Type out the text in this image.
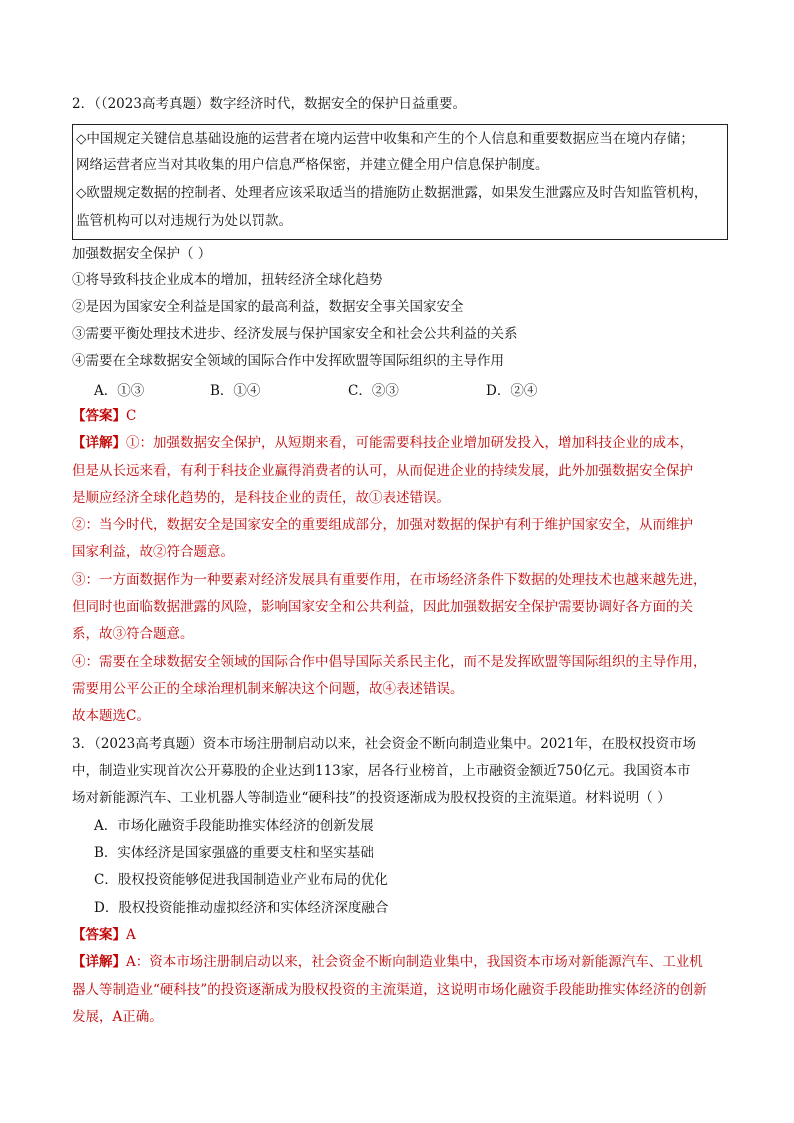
2．（（2023高考真题）数字经济时代，数据安全的保护日益重要。
◇中国规定关键信息基础设施的运营者在境内运营中收集和产生的个人信息和重要数据应当在境内存储；
网络运营者应当对其收集的用户信息严格保密，并建立健全用户信息保护制度。
◇欧盟规定数据的控制者、处理者应该采取适当的措施防止数据泄露，如果发生泄露应及时告知监管机构，
监管机构可以对违规行为处以罚款。
加强数据安全保护（ ）
①将导致科技企业成本的增加，扭转经济全球化趋势
②是因为国家安全利益是国家的最高利益，数据安全事关国家安全
③需要平衡处理技术进步、经济发展与保护国家安全和社会公共利益的关系
④需要在全球数据安全领域的国际合作中发挥欧盟等国际组织的主导作用
A．①③	B．①④	C．②③	D．②④
【答案】C
【详解】①：加强数据安全保护，从短期来看，可能需要科技企业增加研发投入，增加科技企业的成本，
但是从长远来看，有利于科技企业赢得消费者的认可，从而促进企业的持续发展，此外加强数据安全保护
是顺应经济全球化趋势的，是科技企业的责任，故①表述错误。
②：当今时代，数据安全是国家安全的重要组成部分，加强对数据的保护有利于维护国家安全，从而维护
国家利益，故②符合题意。
③：一方面数据作为一种要素对经济发展具有重要作用，在市场经济条件下数据的处理技术也越来越先进，
但同时也面临数据泄露的风险，影响国家安全和公共利益，因此加强数据安全保护需要协调好各方面的关
系，故③符合题意。
④：需要在全球数据安全领域的国际合作中倡导国际关系民主化，而不是发挥欧盟等国际组织的主导作用，
需要用公平公正的全球治理机制来解决这个问题，故④表述错误。
故本题选C。
3．（2023高考真题）资本市场注册制启动以来，社会资金不断向制造业集中。2021年，在股权投资市场
中，制造业实现首次公开募股的企业达到113家，居各行业榜首，上市融资金额近750亿元。我国资本市
场对新能源汽车、工业机器人等制造业“硬科技”的投资逐渐成为股权投资的主流渠道。材料说明（ ）
A．市场化融资手段能助推实体经济的创新发展
B．实体经济是国家强盛的重要支柱和坚实基础
C．股权投资能够促进我国制造业产业布局的优化
D．股权投资能推动虚拟经济和实体经济深度融合
【答案】A
【详解】A：资本市场注册制启动以来，社会资金不断向制造业集中，我国资本市场对新能源汽车、工业机
器人等制造业“硬科技”的投资逐渐成为股权投资的主流渠道，这说明市场化融资手段能助推实体经济的创新
发展，A正确。
